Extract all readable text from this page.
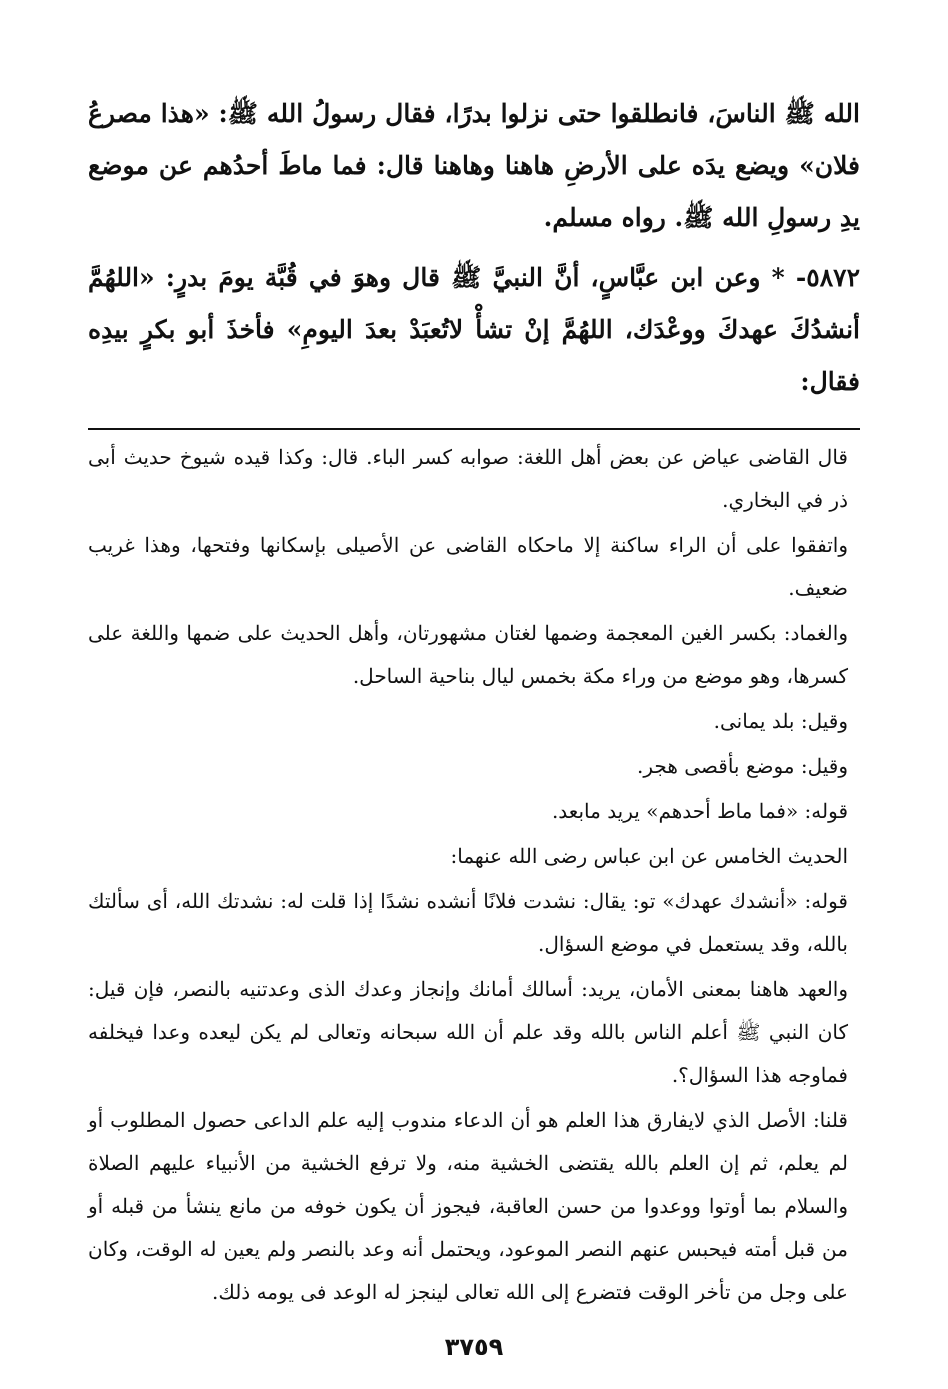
الله ﷺ الناسَ، فانطلقوا حتى نزلوا بدرًا، فقال رسولُ الله ﷺ: «هذا مصرعُ فلان» ويضع يدَه على الأرضِ هاهنا وهاهنا قال: فما ماطَ أحدُهم عن موضع يدِ رسولِ الله ﷺ. رواه مسلم.

٥٨٧٢- * وعن ابن عبَّاسٍ، أنَّ النبيَّ ﷺ قال وهوَ في قُبَّة يومَ بدرٍ: «اللهُمَّ أنشدُكَ عهدكَ ووعْدَك، اللهُمَّ إنْ تشأْ لاتُعبَدْ بعدَ اليومِ» فأخذَ أبو بكرٍ بيدِه فقال:

قال القاضى عياض عن بعض أهل اللغة: صوابه كسر الباء. قال: وكذا قيده شيوخ حديث أبى ذر في البخاري.

واتفقوا على أن الراء ساكنة إلا ماحكاه القاضى عن الأصيلى بإسكانها وفتحها، وهذا غريب ضعيف.

والغماد: بكسر الغين المعجمة وضمها لغتان مشهورتان، وأهل الحديث على ضمها واللغة على كسرها، وهو موضع من وراء مكة بخمس ليال بناحية الساحل.

وقيل: بلد يمانى.

وقيل: موضع بأقصى هجر.

قوله: «فما ماط أحدهم» يريد مابعد.

الحديث الخامس عن ابن عباس رضى الله عنهما:

قوله: «أنشدك عهدك» تو: يقال: نشدت فلانًا أنشده نشدًا إذا قلت له: نشدتك الله، أى سألتك بالله، وقد يستعمل في موضع السؤال.

والعهد هاهنا بمعنى الأمان، يريد: أسالك أمانك وإنجاز وعدك الذى وعدتنيه بالنصر، فإن قيل: كان النبي ﷺ أعلم الناس بالله وقد علم أن الله سبحانه وتعالى لم يكن ليعده وعدا فيخلفه فماوجه هذا السؤال؟.

قلنا: الأصل الذي لايفارق هذا العلم هو أن الدعاء مندوب إليه علم الداعى حصول المطلوب أو لم يعلم، ثم إن العلم بالله يقتضى الخشية منه، ولا ترفع الخشية من الأنبياء عليهم الصلاة والسلام بما أوتوا ووعدوا من حسن العاقبة، فيجوز أن يكون خوفه من مانع ينشأ من قبله أو من قبل أمته فيحبس عنهم النصر الموعود، ويحتمل أنه وعد بالنصر ولم يعين له الوقت، وكان على وجل من تأخر الوقت فتضرع إلى الله تعالى لينجز له الوعد فى يومه ذلك.

٣٧٥٩
